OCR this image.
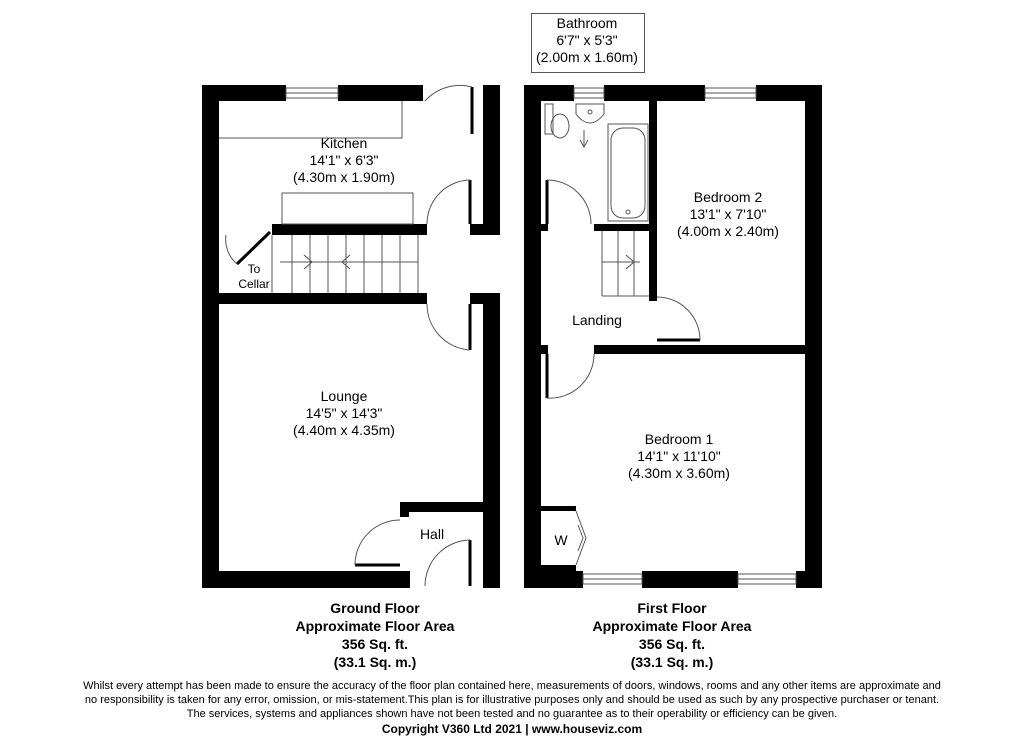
Kitchen
14'1" x 6'3"
(4.30m x 1.90m)
To
Cellar
Lounge
14'5" x 14'3"
(4.40m x 4.35m)
Hall
Bathroom
6'7" x 5'3"
(2.00m x 1.60m)
Bedroom 2
13'1" x 7'10"
(4.00m x 2.40m)
Landing
Bedroom 1
14'1" x 11'10"
(4.30m x 3.60m)
W
Ground Floor
Approximate Floor Area
356 Sq. ft.
(33.1 Sq. m.)
First Floor
Approximate Floor Area
356 Sq. ft.
(33.1 Sq. m.)
Whilst every attempt has been made to ensure the accuracy of the floor plan contained here, measurements of doors, windows, rooms and any other items are approximate and
no responsibility is taken for any error, omission, or mis-statement.This plan is for illustrative purposes only and should be used as such by any prospective purchaser or tenant.
The services, systems and appliances shown have not been tested and no guarantee as to their operability or efficiency can be given.
Copyright V360 Ltd 2021 | www.houseviz.com
